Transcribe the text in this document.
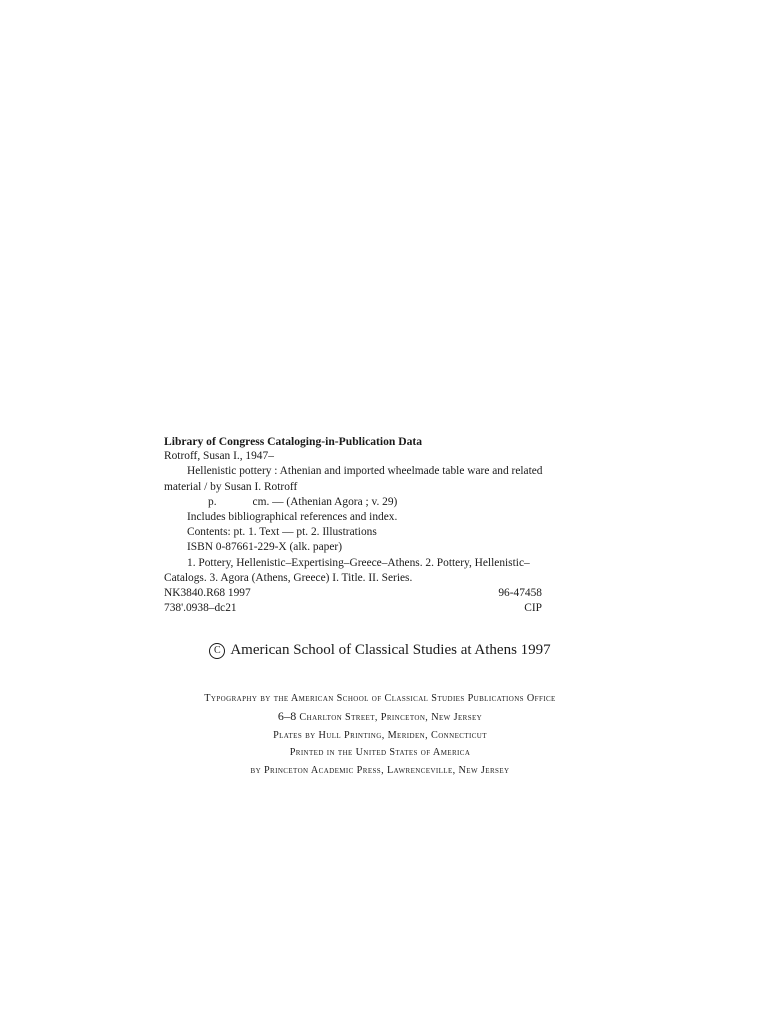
Library of Congress Cataloging-in-Publication Data
Rotroff, Susan I., 1947–
Hellenistic pottery : Athenian and imported wheelmade table ware and related
material / by Susan I. Rotroff
p.	cm. — (Athenian Agora ; v. 29)
Includes bibliographical references and index.
Contents: pt. 1. Text — pt. 2. Illustrations
ISBN 0-87661-229-X (alk. paper)
1. Pottery, Hellenistic–Expertising–Greece–Athens. 2. Pottery, Hellenistic–
Catalogs. 3. Agora (Athens, Greece) I. Title. II. Series.
NK3840.R68 1997	96-47458
738'.0938–dc21	CIP
C American School of Classical Studies at Athens 1997
Typography by the American School of Classical Studies Publications Office
6–8 Charlton Street, Princeton, New Jersey
Plates by Hull Printing, Meriden, Connecticut
Printed in the United States of America
by Princeton Academic Press, Lawrenceville, New Jersey
